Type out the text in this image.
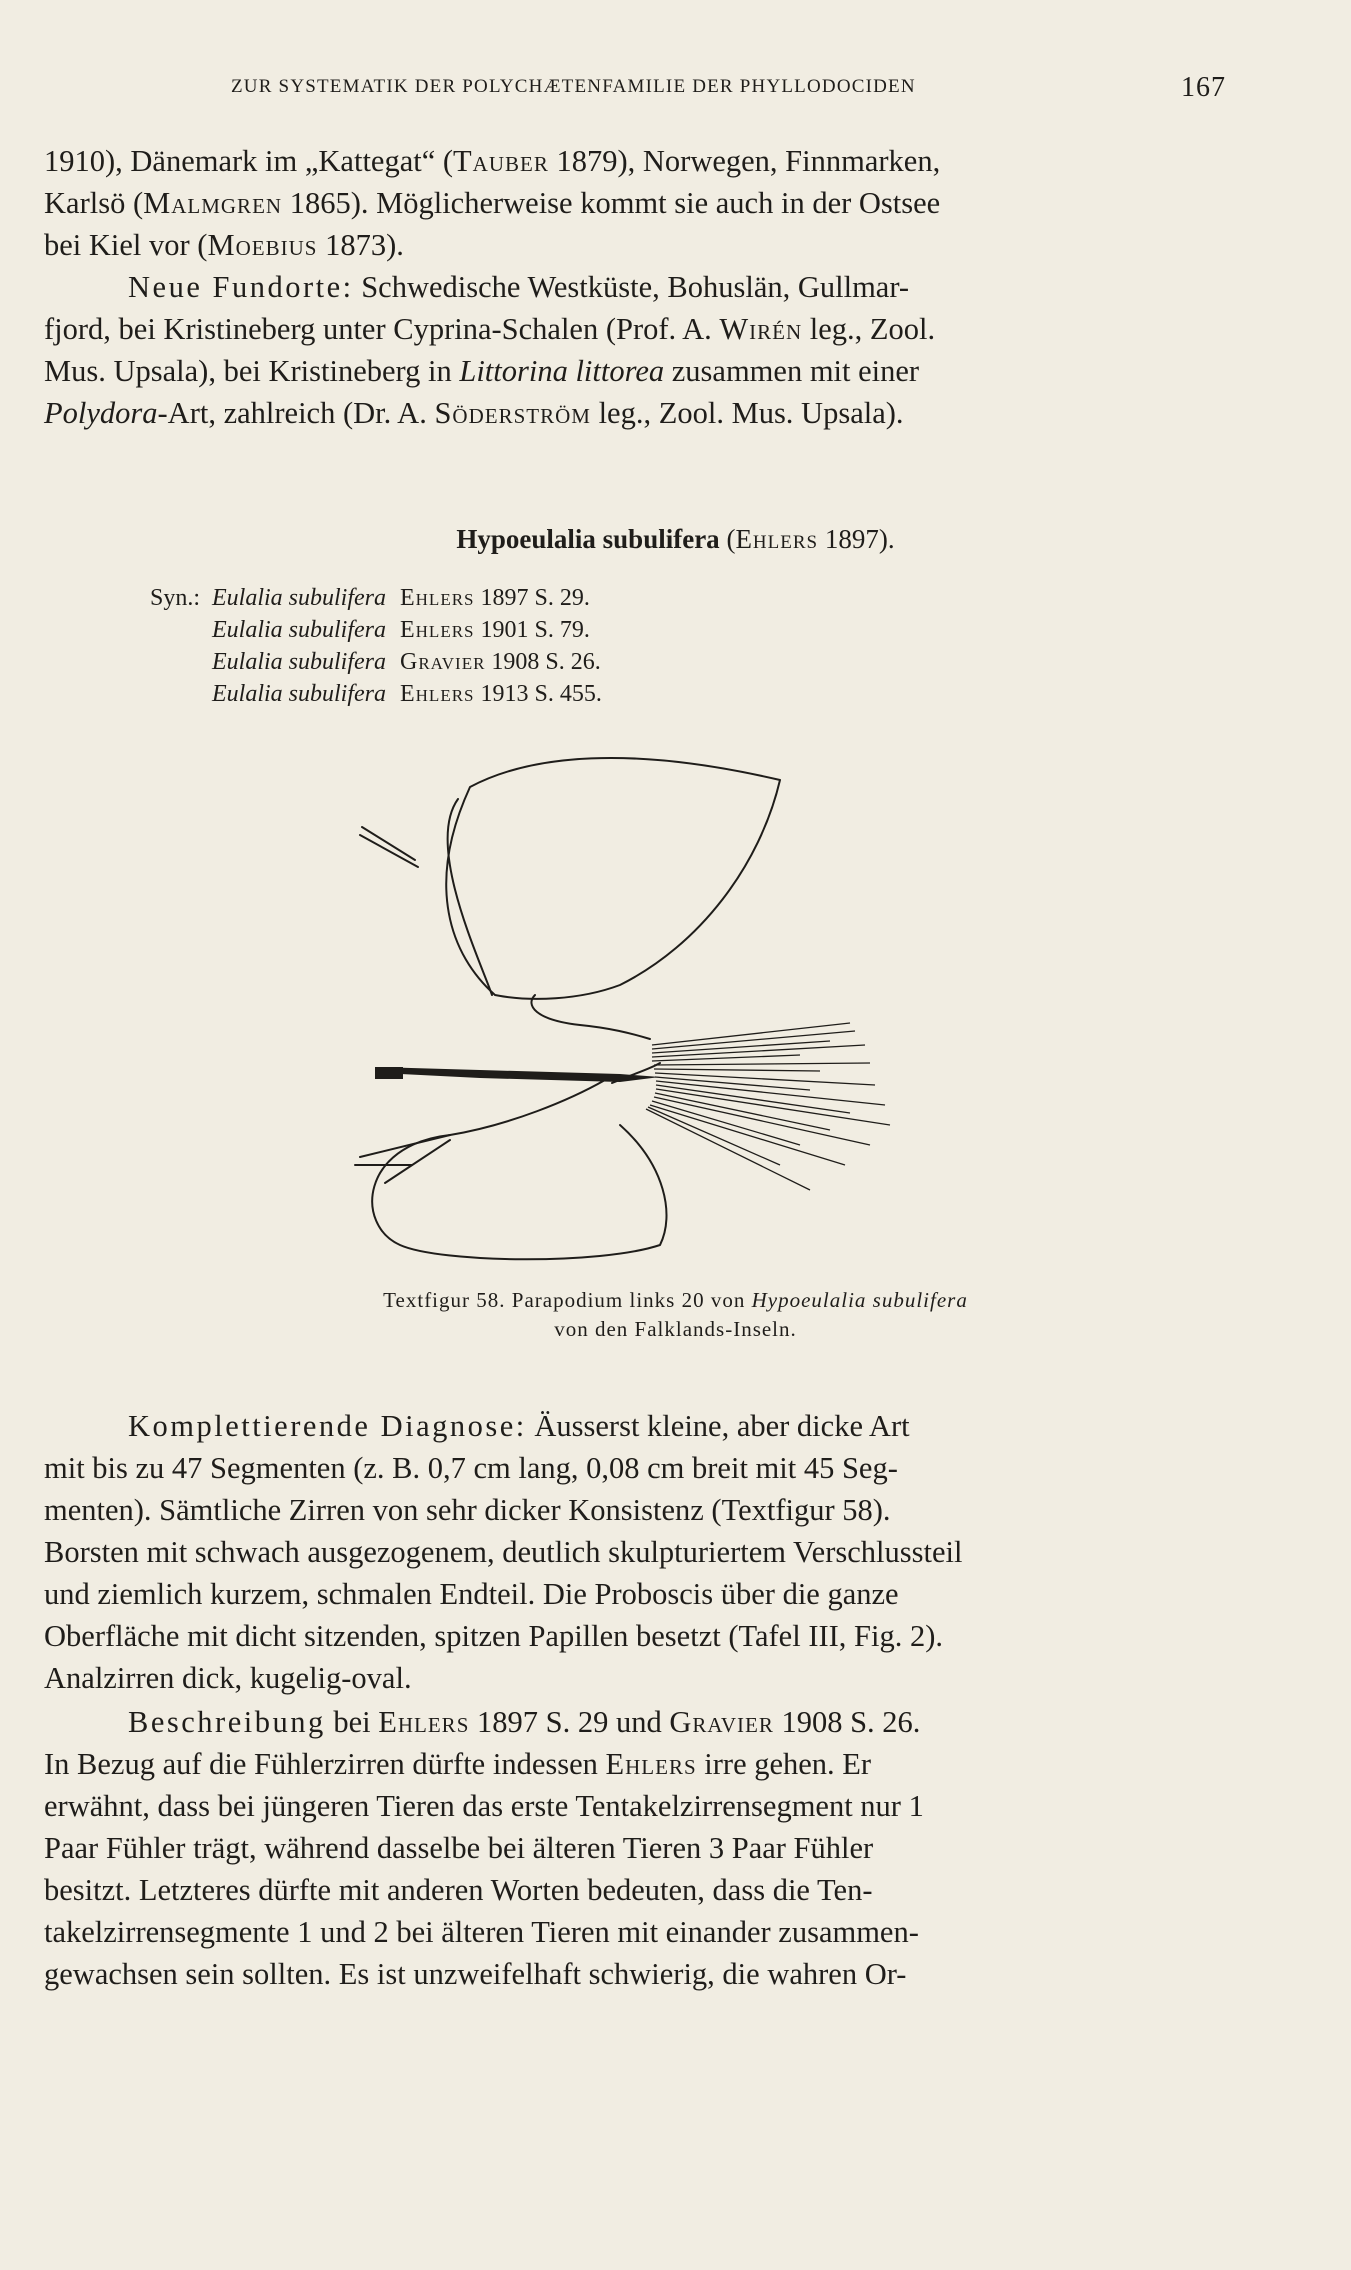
ZUR SYSTEMATIK DER POLYCHÆTENFAMILIE DER PHYLLODOCIDEN	167
1910), Dänemark im „Kattegat“ (Tauber 1879), Norwegen, Finnmarken,
Karlsö (Malmgren 1865). Möglicherweise kommt sie auch in der Ostsee
bei Kiel vor (Moebius 1873).
Neue Fundorte: Schwedische Westküste, Bohuslän, Gullmar-
fjord, bei Kristineberg unter Cyprina-Schalen (Prof. A. Wirén leg., Zool.
Mus. Upsala), bei Kristineberg in Littorina littorea zusammen mit einer
Polydora-Art, zahlreich (Dr. A. Söderström leg., Zool. Mus. Upsala).
Hypoeulalia subulifera (Ehlers 1897).
Syn.: Eulalia subulifera Ehlers 1897 S. 29.
Eulalia subulifera Ehlers 1901 S. 79.
Eulalia subulifera Gravier 1908 S. 26.
Eulalia subulifera Ehlers 1913 S. 455.
Textfigur 58. Parapodium links 20 von Hypoeulalia subulifera
von den Falklands-Inseln.
Komplettierende Diagnose: Äusserst kleine, aber dicke Art
mit bis zu 47 Segmenten (z. B. 0,7 cm lang, 0,08 cm breit mit 45 Seg-
menten). Sämtliche Zirren von sehr dicker Konsistenz (Textfigur 58).
Borsten mit schwach ausgezogenem, deutlich skulpturiertem Verschlussteil
und ziemlich kurzem, schmalen Endteil. Die Proboscis über die ganze
Oberfläche mit dicht sitzenden, spitzen Papillen besetzt (Tafel III, Fig. 2).
Analzirren dick, kugelig-oval.
Beschreibung bei Ehlers 1897 S. 29 und Gravier 1908 S. 26.
In Bezug auf die Fühlerzirren dürfte indessen Ehlers irre gehen. Er
erwähnt, dass bei jüngeren Tieren das erste Tentakelzirrensegment nur 1
Paar Fühler trägt, während dasselbe bei älteren Tieren 3 Paar Fühler
besitzt. Letzteres dürfte mit anderen Worten bedeuten, dass die Ten-
takelzirrensegmente 1 und 2 bei älteren Tieren mit einander zusammen-
gewachsen sein sollten. Es ist unzweifelhaft schwierig, die wahren Or-
